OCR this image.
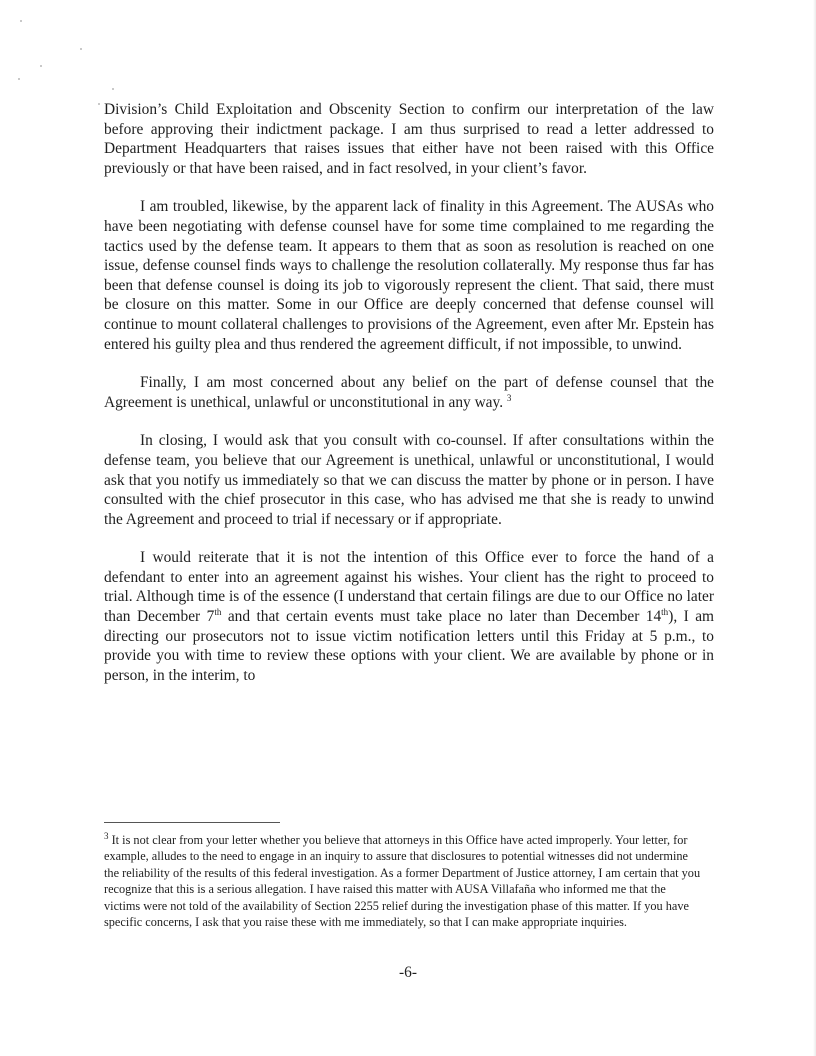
Division’s Child Exploitation and Obscenity Section to confirm our interpretation of the law before approving their indictment package. I am thus surprised to read a letter addressed to Department Headquarters that raises issues that either have not been raised with this Office previously or that have been raised, and in fact resolved, in your client’s favor.

I am troubled, likewise, by the apparent lack of finality in this Agreement. The AUSAs who have been negotiating with defense counsel have for some time complained to me regarding the tactics used by the defense team. It appears to them that as soon as resolution is reached on one issue, defense counsel finds ways to challenge the resolution collaterally. My response thus far has been that defense counsel is doing its job to vigorously represent the client. That said, there must be closure on this matter. Some in our Office are deeply concerned that defense counsel will continue to mount collateral challenges to provisions of the Agreement, even after Mr. Epstein has entered his guilty plea and thus rendered the agreement difficult, if not impossible, to unwind.

Finally, I am most concerned about any belief on the part of defense counsel that the Agreement is unethical, unlawful or unconstitutional in any way. $^3$

In closing, I would ask that you consult with co-counsel. If after consultations within the defense team, you believe that our Agreement is unethical, unlawful or unconstitutional, I would ask that you notify us immediately so that we can discuss the matter by phone or in person. I have consulted with the chief prosecutor in this case, who has advised me that she is ready to unwind the Agreement and proceed to trial if necessary or if appropriate.

I would reiterate that it is not the intention of this Office ever to force the hand of a defendant to enter into an agreement against his wishes. Your client has the right to proceed to trial. Although time is of the essence (I understand that certain filings are due to our Office no later than December 7th and that certain events must take place no later than December 14th), I am directing our prosecutors not to issue victim notification letters until this Friday at 5 p.m., to provide you with time to review these options with your client. We are available by phone or in person, in the interim, to

$^3$ It is not clear from your letter whether you believe that attorneys in this Office have acted improperly. Your letter, for example, alludes to the need to engage in an inquiry to assure that disclosures to potential witnesses did not undermine the reliability of the results of this federal investigation. As a former Department of Justice attorney, I am certain that you recognize that this is a serious allegation. I have raised this matter with AUSA Villafaña who informed me that the victims were not told of the availability of Section 2255 relief during the investigation phase of this matter. If you have specific concerns, I ask that you raise these with me immediately, so that I can make appropriate inquiries.

-6-
